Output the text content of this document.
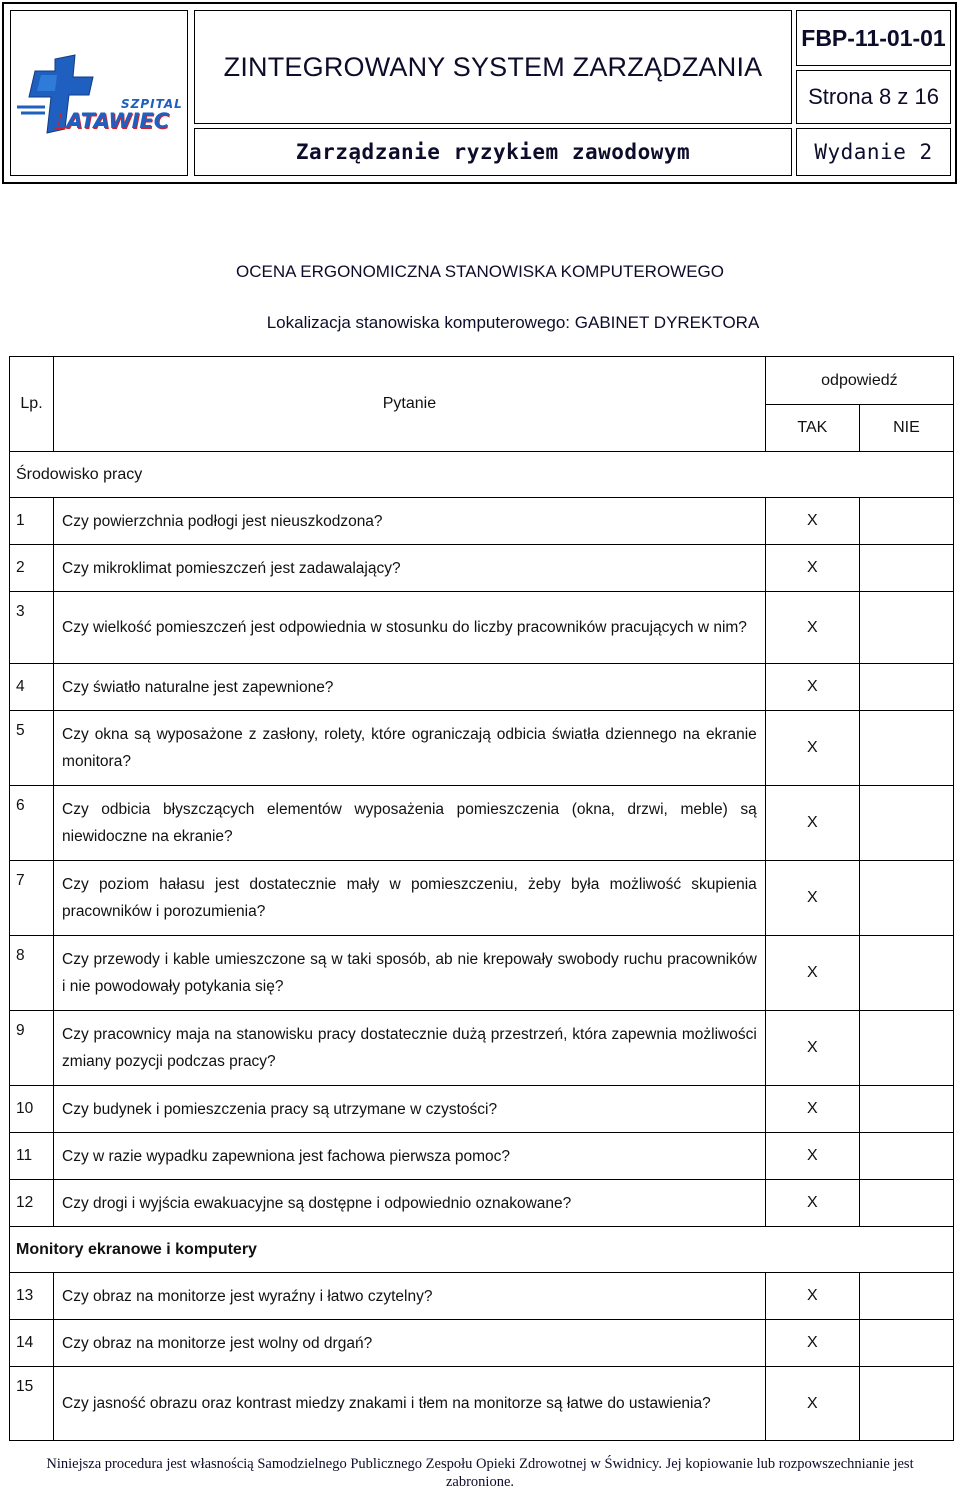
SZPITAL
LATAWIEC
ZINTEGROWANY SYSTEM ZARZĄDZANIA
FBP-11-01-01
Strona 8 z 16
Zarządzanie ryzykiem zawodowym	Wydanie 2
OCENA ERGONOMICZNA STANOWISKA KOMPUTEROWEGO
Lokalizacja stanowiska komputerowego: GABINET DYREKTORA
Lp.	Pytanie	odpowiedź	
		TAK	NIE
Środowisko pracy			
1	Czy powierzchnia podłogi jest nieuszkodzona?	X	
2	Czy mikroklimat pomieszczeń jest zadawalający?	X	
3	Czy wielkość pomieszczeń jest odpowiednia w stosunku do liczby pracowników pracujących w nim?	X	
4	Czy światło naturalne jest zapewnione?	X	
5	Czy okna są wyposażone z zasłony, rolety, które ograniczają odbicia światła dziennego na ekranie monitora?	X	
6	Czy odbicia błyszczących elementów wyposażenia pomieszczenia (okna, drzwi, meble) są niewidoczne na ekranie?	X	
7	Czy poziom hałasu jest dostatecznie mały w pomieszczeniu, żeby była możliwość skupienia pracowników i porozumienia?	X	
8	Czy przewody i kable umieszczone są w taki sposób, ab nie krepowały swobody ruchu pracowników i nie powodowały potykania się?	X	
9	Czy pracownicy maja na stanowisku pracy dostatecznie dużą przestrzeń, która zapewnia możliwości zmiany pozycji podczas pracy?	X	
10	Czy budynek i pomieszczenia pracy są utrzymane w czystości?	X	
11	Czy w razie wypadku zapewniona jest fachowa pierwsza pomoc?	X	
12	Czy drogi i wyjścia ewakuacyjne są dostępne i odpowiednio oznakowane?	X	
Monitory ekranowe i komputery			
13	Czy obraz na monitorze jest wyraźny i łatwo czytelny?	X	
14	Czy obraz na monitorze jest wolny od drgań?	X	
15	Czy jasność obrazu oraz kontrast miedzy znakami i tłem na monitorze są łatwe do ustawienia?	X	
Niniejsza procedura jest własnością Samodzielnego Publicznego Zespołu Opieki Zdrowotnej w Świdnicy. Jej kopiowanie lub rozpowszechnianie jest
zabronione.
